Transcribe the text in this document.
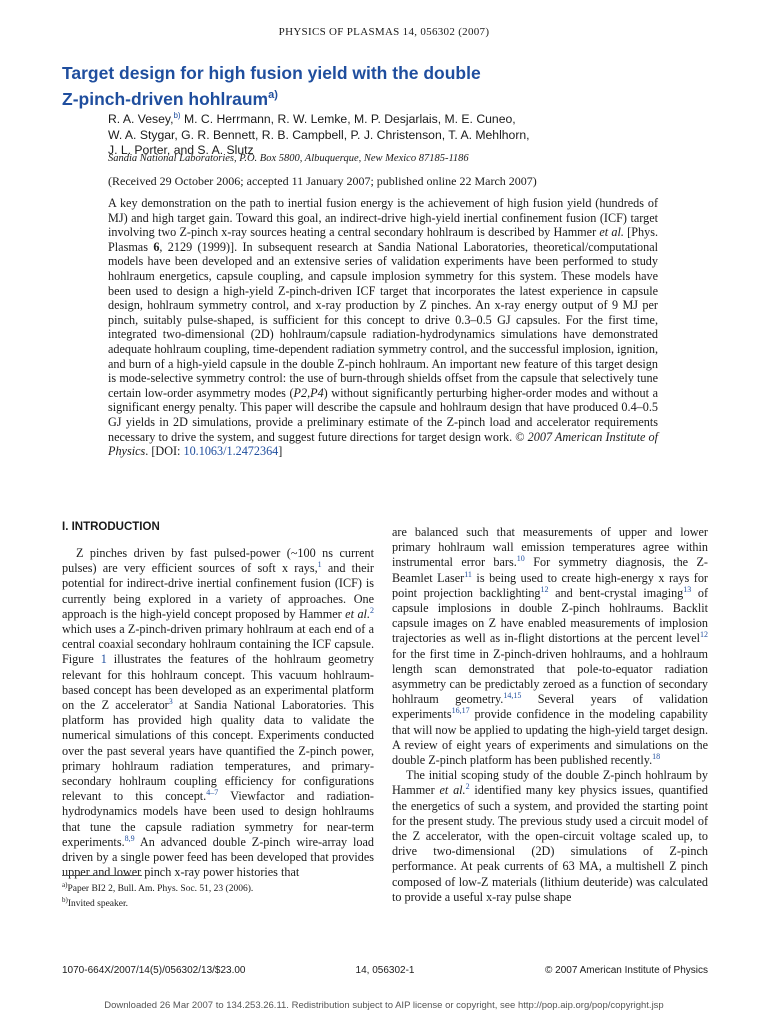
PHYSICS OF PLASMAS 14, 056302 (2007)
Target design for high fusion yield with the double
Z-pinch-driven hohlraum$^{a)}$
R. A. Vesey,$^{b)}$ M. C. Herrmann, R. W. Lemke, M. P. Desjarlais, M. E. Cuneo,
W. A. Stygar, G. R. Bennett, R. B. Campbell, P. J. Christenson, T. A. Mehlhorn,
J. L. Porter, and S. A. Slutz
Sandia National Laboratories, P.O. Box 5800, Albuquerque, New Mexico 87185-1186
(Received 29 October 2006; accepted 11 January 2007; published online 22 March 2007)
A key demonstration on the path to inertial fusion energy is the achievement of high fusion yield (hundreds of MJ) and high target gain. Toward this goal, an indirect-drive high-yield inertial confinement fusion (ICF) target involving two Z-pinch x-ray sources heating a central secondary hohlraum is described by Hammer et al. [Phys. Plasmas 6, 2129 (1999)]. In subsequent research at Sandia National Laboratories, theoretical/computational models have been developed and an extensive series of validation experiments have been performed to study hohlraum energetics, capsule coupling, and capsule implosion symmetry for this system. These models have been used to design a high-yield Z-pinch-driven ICF target that incorporates the latest experience in capsule design, hohlraum symmetry control, and x-ray production by Z pinches. An x-ray energy output of 9 MJ per pinch, suitably pulse-shaped, is sufficient for this concept to drive 0.3–0.5 GJ capsules. For the first time, integrated two-dimensional (2D) hohlraum/capsule radiation-hydrodynamics simulations have demonstrated adequate hohlraum coupling, time-dependent radiation symmetry control, and the successful implosion, ignition, and burn of a high-yield capsule in the double Z-pinch hohlraum. An important new feature of this target design is mode-selective symmetry control: the use of burn-through shields offset from the capsule that selectively tune certain low-order asymmetry modes (P2,P4) without significantly perturbing higher-order modes and without a significant energy penalty. This paper will describe the capsule and hohlraum design that have produced 0.4–0.5 GJ yields in 2D simulations, provide a preliminary estimate of the Z-pinch load and accelerator requirements necessary to drive the system, and suggest future directions for target design work. © 2007 American Institute of Physics. [DOI: 10.1063/1.2472364]
I. INTRODUCTION

Z pinches driven by fast pulsed-power (~100 ns current pulses) are very efficient sources of soft x rays,$^1$ and their potential for indirect-drive inertial confinement fusion (ICF) is currently being explored in a variety of approaches. One approach is the high-yield concept proposed by Hammer et al.$^2$ which uses a Z-pinch-driven primary hohlraum at each end of a central coaxial secondary hohlraum containing the ICF capsule. Figure 1 illustrates the features of the hohlraum geometry relevant for this hohlraum concept. This vacuum hohlraum-based concept has been developed as an experimental platform on the Z accelerator$^3$ at Sandia National Laboratories. This platform has provided high quality data to validate the numerical simulations of this concept. Experiments conducted over the past several years have quantified the Z-pinch power, primary hohlraum radiation temperatures, and primary-secondary hohlraum coupling efficiency for configurations relevant to this concept.$^{4-7}$ Viewfactor and radiation-hydrodynamics models have been used to design hohlraums that tune the capsule radiation symmetry for near-term experiments.$^{8,9}$ An advanced double Z-pinch wire-array load driven by a single power feed has been developed that provides upper and lower pinch x-ray power histories that

$^{a)}$Paper BI2 2, Bull. Am. Phys. Soc. 51, 23 (2006).
$^{b)}$Invited speaker.

are balanced such that measurements of upper and lower primary hohlraum wall emission temperatures agree within instrumental error bars.$^{10}$ For symmetry diagnosis, the Z-Beamlet Laser$^{11}$ is being used to create high-energy x rays for point projection backlighting$^{12}$ and bent-crystal imaging$^{13}$ of capsule implosions in double Z-pinch hohlraums. Backlit capsule images on Z have enabled measurements of implosion trajectories as well as in-flight distortions at the percent level$^{12}$ for the first time in Z-pinch-driven hohlraums, and a hohlraum length scan demonstrated that pole-to-equator radiation asymmetry can be predictably zeroed as a function of secondary hohlraum geometry.$^{14,15}$ Several years of validation experiments$^{16,17}$ provide confidence in the modeling capability that will now be applied to updating the high-yield target design. A review of eight years of experiments and simulations on the double Z-pinch platform has been published recently.$^{18}$

The initial scoping study of the double Z-pinch hohlraum by Hammer et al.$^2$ identified many key physics issues, quantified the energetics of such a system, and provided the starting point for the present study. The previous study used a circuit model of the Z accelerator, with the open-circuit voltage scaled up, to drive two-dimensional (2D) simulations of Z-pinch performance. At peak currents of 63 MA, a multishell Z pinch composed of low-Z materials (lithium deuteride) was calculated to provide a useful x-ray pulse shape

1070-664X/2007/14(5)/056302/13/$23.00	14, 056302-1	© 2007 American Institute of Physics
Downloaded 26 Mar 2007 to 134.253.26.11. Redistribution subject to AIP license or copyright, see http://pop.aip.org/pop/copyright.jsp
